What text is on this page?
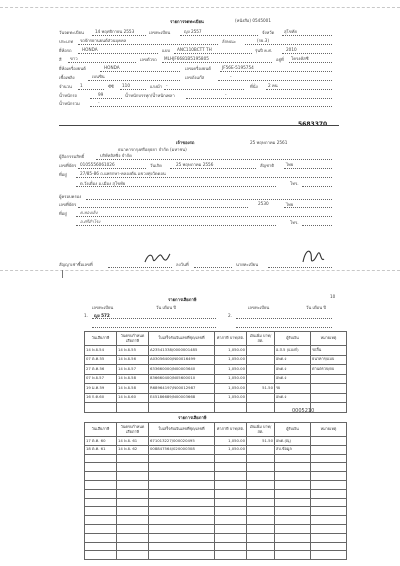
รายการจดทะเบียน	(หนังสือ) 0545001
วันจดทะเบียน	14 พฤศจิกายน 2553	เลขทะเบียน	ญง 2557	จังหวัด สุโขทัย
ประเภท รถจักรยานยนต์ส่วนบุคคล	ลักษณะ	(รย.3)
ยี่ห้อรถ HONDA	แบบ ANC110BCTT TH	รุ่นปี ค.ศ.	2010
สี ขาว	เลขตัวรถ MLHJF6681B5195805	อยู่ที่ โครงคัสซี
ยี่ห้อเครื่องยนต์	HONDA	เลขเครื่องยนต์	JF56E-5195754
เชื้อเพลิง	เบนซิน	เลขถังแก๊ส	-
จำนวน 1	ซีซี 110	แรงม้า -	ที่นั่ง 2 คน
น้ำหนักรถ	99	น้ำหนักบรรทุก/น้ำหนักเพลา	-
น้ำหนักรวม	-
5683370
เจ้าของรถ	25 พฤษภาคม 2561
ธนาคารกรุงศรีอยุธยา จำกัด (มหาชน)
ผู้ถือกรรมสิทธิ์	บริษัทลิสซิ่ง จำกัด
เลขที่บัตร 0105556061026	วันเกิด	25 พฤษภาคม 2556	สัญชาติ	ไทย
ที่อยู่	27/85-86 ถ.แพรกษา-คลองตัน แขวงทุ่งวัดดอน
ต.วังเดื่อง อ.เมือง สุโขทัย	โทร.
ผู้ครอบครอง
เลขที่บัตร	2530	ไทย
ที่อยู่	ต.ทองเลิง
อ.ศรีสำโรง	โทร.
สัญญาเช่าซื้อเลขที่	ลงวันที่	นายทะเบียน
รายการเสียภาษี
10
เลขทะเบียน	วัน เดือน ปี	เลขทะเบียน	วัน เดือน ปี
1. ญง 572	2.
วันเสียภาษี	วันครบกำหนดเสียภาษี	ใบเสร็จรับเงินเลขที่ชุด/เลขที่	ค่าภาษี บาท/สต.	เงินเพิ่ม บาท/สต.	ผู้รับเงิน	หมายเหตุ
14 พ.ย.54	14 พ.ย.55	A23541338/0000001485	1,050.00		อ.ส.5 (แบงก์)	รถสิ้น
07 ต.ค.55	14 พ.ย.56	A03056400/N00016499	1,050.00		อพด.ง	ธนาคาร/แบบ
27 ต.ค.56	14 พ.ย.57	633660000/N00003640	1,050.00		อพด.ง	ด่านตรวจ/ดบ
07 พ.ย.57	14 พ.ย.58	836660400/N05600010	1,050.00		อพด.ง	
19 ม.ค.59	14 พ.ย.58	R68964197/N00012987	1,050.00	51.50	รย	
16 ก.ค.60	14 พ.ย.60	E45186689/N00003668	1,050.00		อพด.ง	

รายการเสียภาษี
0005210
วันเสียภาษี	วันครบกำหนดเสียภาษี	ใบเสร็จรับเงินเลขที่ชุด/เลขที่	ค่าภาษี บาท/สต.	เงินเพิ่ม บาท/สต.	ผู้รับเงิน	หมายเหตุ
17 ต.ค. 60	14 พ.ย. 61	671013227/000020495	1,050.00	51.50	อพด.(ณุ)	
18 ต.ค. 61	14 พ.ย. 62	008847564/020000308	1,050.00		สบ.ข้อมูล	
